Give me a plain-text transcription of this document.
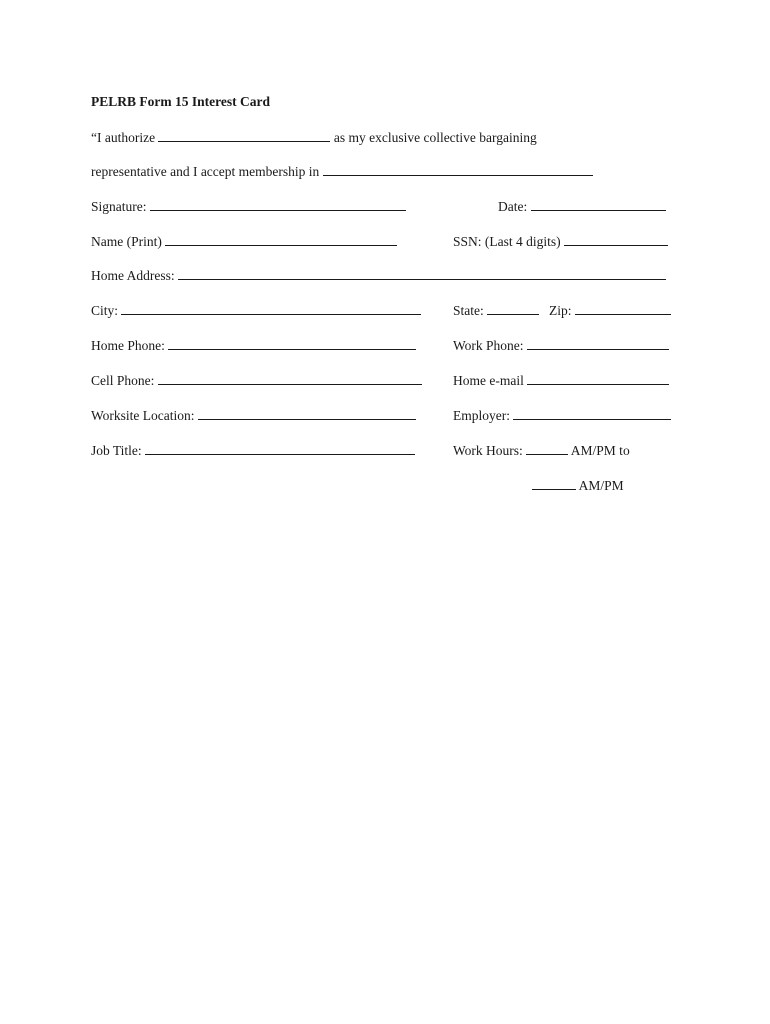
PELRB Form 15 Interest Card
“I authorize	as my exclusive collective bargaining
representative and I accept membership in
Signature:	Date:
Name (Print)	SSN: (Last 4 digits)
Home Address:
City:	State:	Zip:
Home Phone:	Work Phone:
Cell Phone:	Home e-mail
Worksite Location:	Employer:
Job Title:	Work Hours:	AM/PM to
AM/PM
